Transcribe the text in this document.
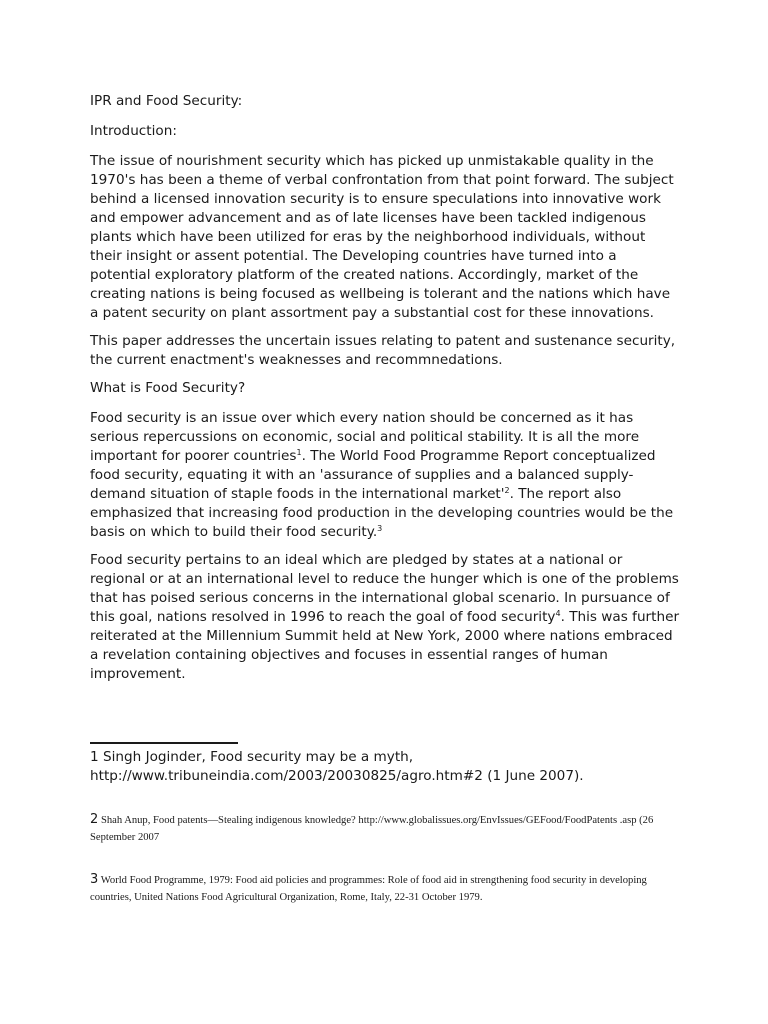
IPR and Food Security:

Introduction:

The issue of nourishment security which has picked up unmistakable quality in the 1970's has been a theme of verbal confrontation from that point forward. The subject behind a licensed innovation security is to ensure speculations into innovative work and empower advancement and as of late licenses have been tackled indigenous plants which have been utilized for eras by the neighborhood individuals, without their insight or assent potential. The Developing countries have turned into a potential exploratory platform of the created nations. Accordingly, market of the creating nations is being focused as wellbeing is tolerant and the nations which have a patent security on plant assortment pay a substantial cost for these innovations.

This paper addresses the uncertain issues relating to patent and sustenance security, the current enactment's weaknesses and recommnedations.

What is Food Security?

Food security is an issue over which every nation should be concerned as it has serious repercussions on economic, social and political stability. It is all the more important for poorer countries$^1$. The World Food Programme Report conceptualized food security, equating it with an 'assurance of supplies and a balanced supply-demand situation of staple foods in the international $market'^2$. The report also emphasized that increasing food production in the developing countries would be the basis on which to build their food security.$^3$

Food security pertains to an ideal which are pledged by states at a national or regional or at an international level to reduce the hunger which is one of the problems that has poised serious concerns in the international global scenario. In pursuance of this goal, nations resolved in 1996 to reach the goal of food security$^4$. This was further reiterated at the Millennium Summit held at New York, 2000 where nations embraced a revelation containing objectives and focuses in essential ranges of human improvement.

1 Singh Joginder, Food security may be a myth, http://www.tribuneindia.com/2003/20030825/agro.htm#2 (1 June 2007).
2 Shah Anup, Food patents—Stealing indigenous knowledge? http://www.globalissues.org/EnvIssues/GEFood/FoodPatents .asp (26 September 2007
3 World Food Programme, 1979: Food aid policies and programmes: Role of food aid in strengthening food security in developing countries, United Nations Food Agricultural Organization, Rome, Italy, 22-31 October 1979.
